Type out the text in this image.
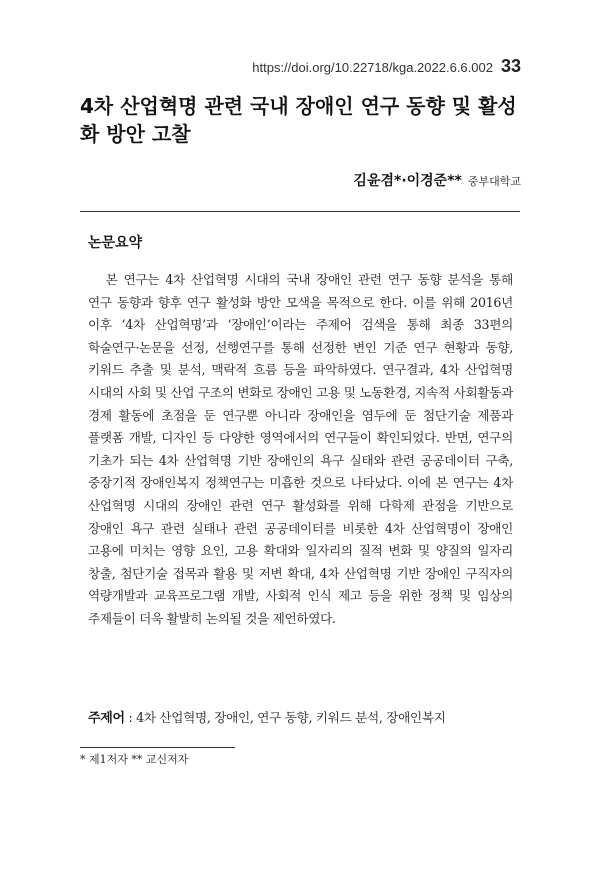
https://doi.org/10.22718/kga.2022.6.6.002 33
4차 산업혁명 관련 국내 장애인 연구 동향 및 활성화 방안 고찰
김윤겸*·이경준** 중부대학교
논문요약

본 연구는 4차 산업혁명 시대의 국내 장애인 관련 연구 동향 분석을 통해 연구 동향과 향후 연구 활성화 방안 모색을 목적으로 한다. 이를 위해 2016년 이후 ‘4차 산업혁명’과 ‘장애인’이라는 주제어 검색을 통해 최종 33편의 학술연구·논문을 선정, 선행연구를 통해 선정한 변인 기준 연구 현황과 동향, 키워드 추출 및 분석, 맥락적 흐름 등을 파악하였다. 연구결과, 4차 산업혁명 시대의 사회 및 산업 구조의 변화로 장애인 고용 및 노동환경, 지속적 사회활동과 경제 활동에 초점을 둔 연구뿐 아니라 장애인을 염두에 둔 첨단기술 제품과 플랫폼 개발, 디자인 등 다양한 영역에서의 연구들이 확인되었다. 반면, 연구의 기초가 되는 4차 산업혁명 기반 장애인의 욕구 실태와 관련 공공데이터 구축, 중장기적 장애인복지 정책연구는 미흡한 것으로 나타났다. 이에 본 연구는 4차 산업혁명 시대의 장애인 관련 연구 활성화를 위해 다학제 관점을 기반으로 장애인 욕구 관련 실태나 관련 공공데이터를 비롯한 4차 산업혁명이 장애인 고용에 미치는 영향 요인, 고용 확대와 일자리의 질적 변화 및 양질의 일자리 창출, 첨단기술 접목과 활용 및 저변 확대, 4차 산업혁명 기반 장애인 구직자의 역량개발과 교육프로그램 개발, 사회적 인식 제고 등을 위한 정책 및 임상의 주제들이 더욱 활발히 논의될 것을 제언하였다.

주제어 : 4차 산업혁명, 장애인, 연구 동향, 키워드 분석, 장애인복지
* 제1저자 ** 교신저자
